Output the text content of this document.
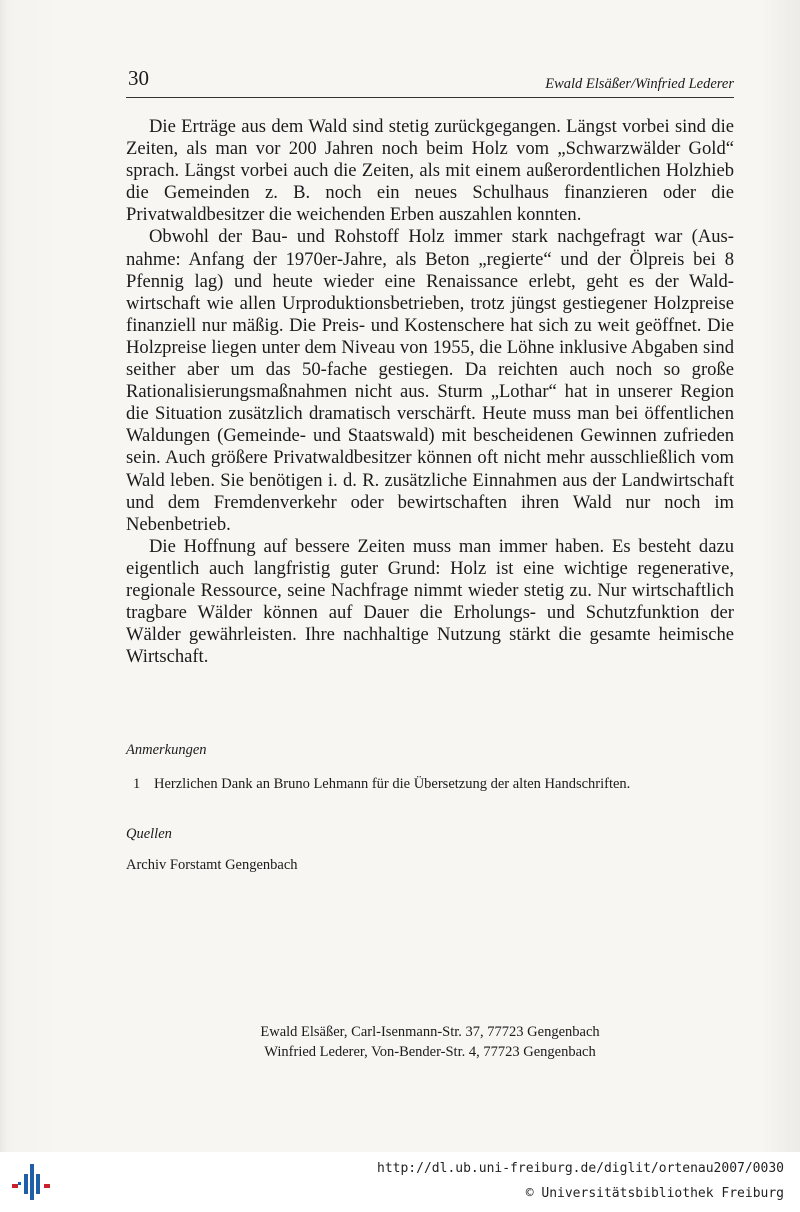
30	Ewald Elsäßer/Winfried Lederer

Die Erträge aus dem Wald sind stetig zurückgegangen. Längst vorbei sind die Zeiten, als man vor 200 Jahren noch beim Holz vom „Schwarzwälder Gold“ sprach. Längst vorbei auch die Zeiten, als mit einem außerordentlichen Holzhieb die Gemeinden z. B. noch ein neues Schulhaus finanzieren oder die Privatwaldbesitzer die weichenden Erben auszahlen konnten.

Obwohl der Bau- und Rohstoff Holz immer stark nachgefragt war (Ausnahme: Anfang der 1970er-Jahre, als Beton „regierte“ und der Ölpreis bei 8 Pfennig lag) und heute wieder eine Renaissance erlebt, geht es der Waldwirtschaft wie allen Urproduktionsbetrieben, trotz jüngst gestiegener Holzpreise finanziell nur mäßig. Die Preis- und Kostenschere hat sich zu weit geöffnet. Die Holzpreise liegen unter dem Niveau von 1955, die Löhne inklusive Abgaben sind seither aber um das 50-fache gestiegen. Da reichten auch noch so große Rationalisierungsmaßnahmen nicht aus. Sturm „Lothar“ hat in unserer Region die Situation zusätzlich dramatisch verschärft. Heute muss man bei öffentlichen Waldungen (Gemeinde- und Staatswald) mit bescheidenen Gewinnen zufrieden sein. Auch größere Privatwaldbesitzer können oft nicht mehr ausschließlich vom Wald leben. Sie benötigen i. d. R. zusätzliche Einnahmen aus der Landwirtschaft und dem Fremdenverkehr oder bewirtschaften ihren Wald nur noch im Nebenbetrieb.

Die Hoffnung auf bessere Zeiten muss man immer haben. Es besteht dazu eigentlich auch langfristig guter Grund: Holz ist eine wichtige regenerative, regionale Ressource, seine Nachfrage nimmt wieder stetig zu. Nur wirtschaftlich tragbare Wälder können auf Dauer die Erholungs- und Schutzfunktion der Wälder gewährleisten. Ihre nachhaltige Nutzung stärkt die gesamte heimische Wirtschaft.

Anmerkungen
1 Herzlichen Dank an Bruno Lehmann für die Übersetzung der alten Handschriften.
Quellen
Archiv Forstamt Gengenbach
Ewald Elsäßer, Carl-Isenmann-Str. 37, 77723 Gengenbach
Winfried Lederer, Von-Bender-Str. 4, 77723 Gengenbach
http://dl.ub.uni-freiburg.de/diglit/ortenau2007/0030
© Universitätsbibliothek Freiburg
